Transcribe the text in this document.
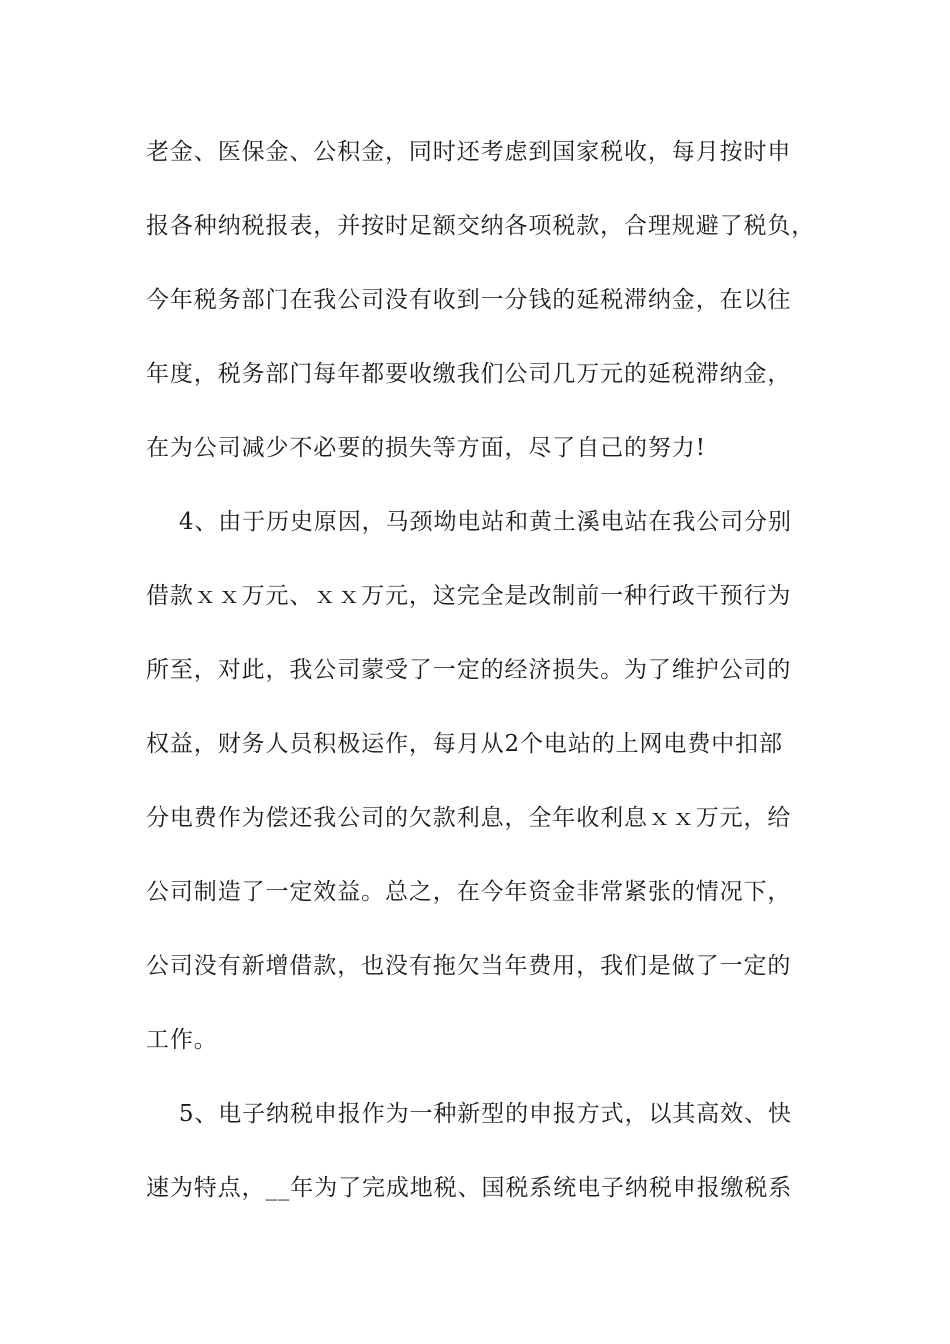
老金、医保金、公积金，同时还考虑到国家税收，每月按时申
报各种纳税报表，并按时足额交纳各项税款，合理规避了税负，
今年税务部门在我公司没有收到一分钱的延税滞纳金，在以往
年度，税务部门每年都要收缴我们公司几万元的延税滞纳金，
在为公司减少不必要的损失等方面，尽了自己的努力!
4、由于历史原因，马颈坳电站和黄土溪电站在我公司分别
借款ｘｘ万元、ｘｘ万元，这完全是改制前一种行政干预行为
所至，对此，我公司蒙受了一定的经济损失。为了维护公司的
权益，财务人员积极运作，每月从2个电站的上网电费中扣部
分电费作为偿还我公司的欠款利息，全年收利息ｘｘ万元，给
公司制造了一定效益。总之，在今年资金非常紧张的情况下，
公司没有新增借款，也没有拖欠当年费用，我们是做了一定的
工作。
5、电子纳税申报作为一种新型的申报方式，以其高效、快
速为特点，__年为了完成地税、国税系统电子纳税申报缴税系
